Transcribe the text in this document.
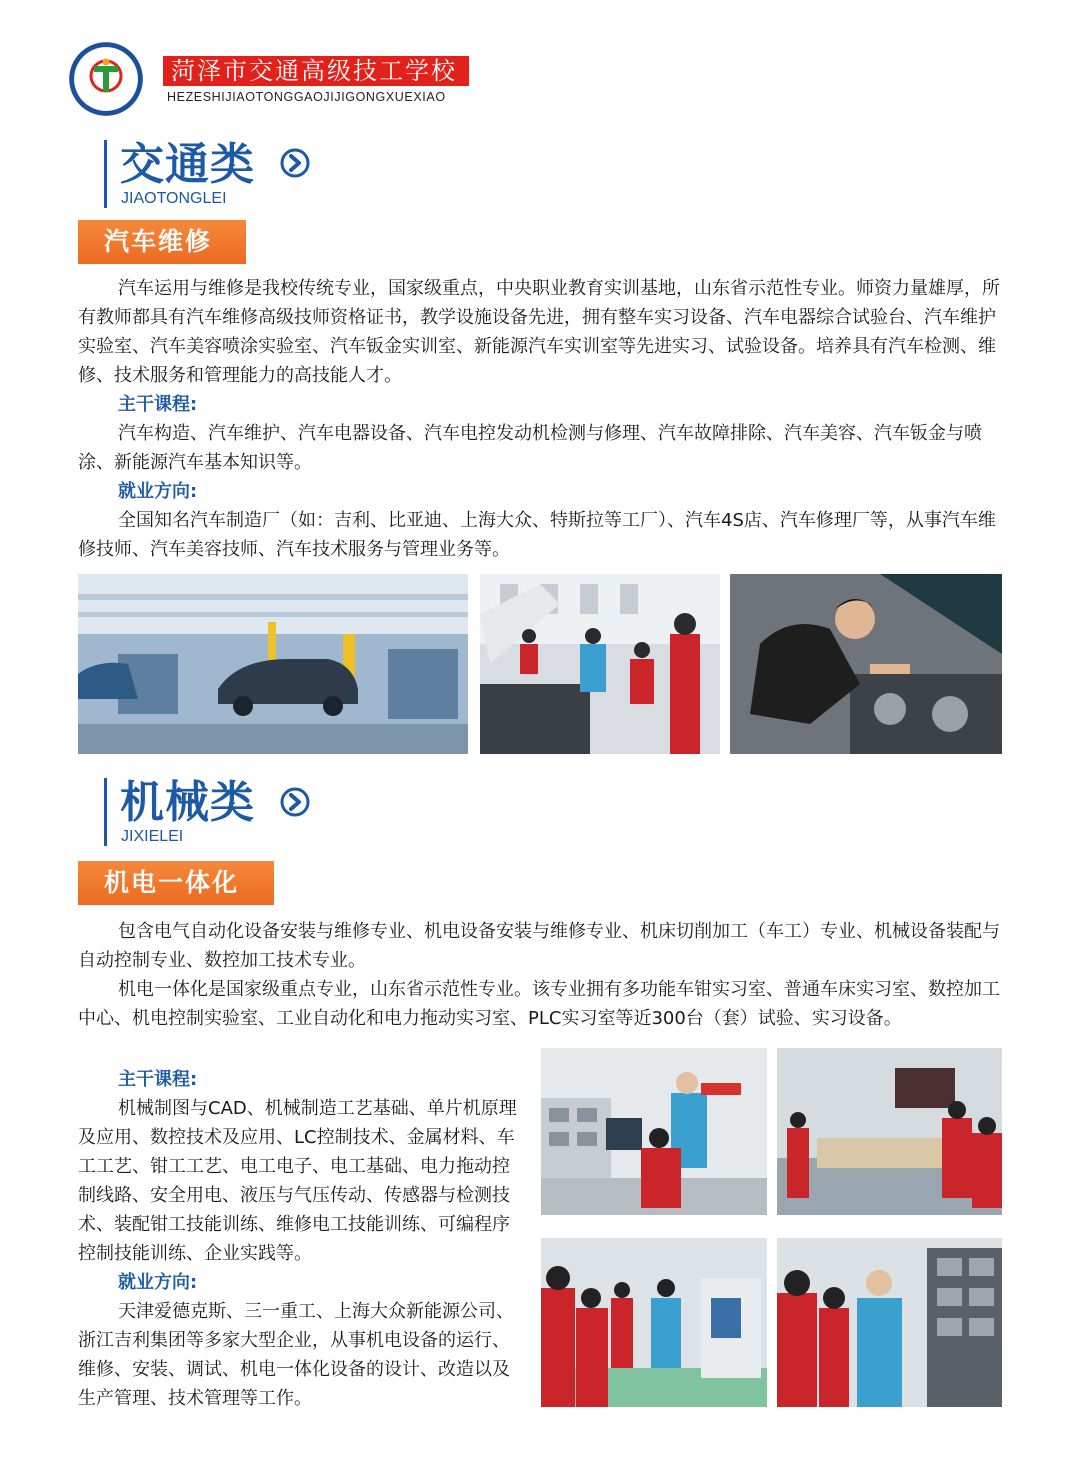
菏泽市交通高级技工学校
HEZESHIJIAOTONGGAOJIJIGONGXUEXIAO
交通类
JIAOTONGLEI
汽车维修

汽车运用与维修是我校传统专业，国家级重点，中央职业教育实训基地，山东省示范性专业。师资力量雄厚，所有教师都具有汽车维修高级技师资格证书，教学设施设备先进，拥有整车实习设备、汽车电器综合试验台、汽车维护实验室、汽车美容喷涂实验室、汽车钣金实训室、新能源汽车实训室等先进实习、试验设备。培养具有汽车检测、维修、技术服务和管理能力的高技能人才。

主干课程:

汽车构造、汽车维护、汽车电器设备、汽车电控发动机检测与修理、汽车故障排除、汽车美容、汽车钣金与喷涂、新能源汽车基本知识等。

就业方向:

全国知名汽车制造厂（如：吉利、比亚迪、上海大众、特斯拉等工厂）、汽车4S店、汽车修理厂等，从事汽车维修技师、汽车美容技师、汽车技术服务与管理业务等。

机械类
JIXIELEI
机电一体化

包含电气自动化设备安装与维修专业、机电设备安装与维修专业、机床切削加工（车工）专业、机械设备装配与自动控制专业、数控加工技术专业。

机电一体化是国家级重点专业，山东省示范性专业。该专业拥有多功能车钳实习室、普通车床实习室、数控加工中心、机电控制实验室、工业自动化和电力拖动实习室、PLC实习室等近300台（套）试验、实习设备。

主干课程:

机械制图与CAD、机械制造工艺基础、单片机原理及应用、数控技术及应用、LC控制技术、金属材料、车工工艺、钳工工艺、电工电子、电工基础、电力拖动控制线路、安全用电、液压与气压传动、传感器与检测技术、装配钳工技能训练、维修电工技能训练、可编程序控制技能训练、企业实践等。

就业方向:

天津爱德克斯、三一重工、上海大众新能源公司、浙江吉利集团等多家大型企业，从事机电设备的运行、维修、安装、调试、机电一体化设备的设计、改造以及生产管理、技术管理等工作。
